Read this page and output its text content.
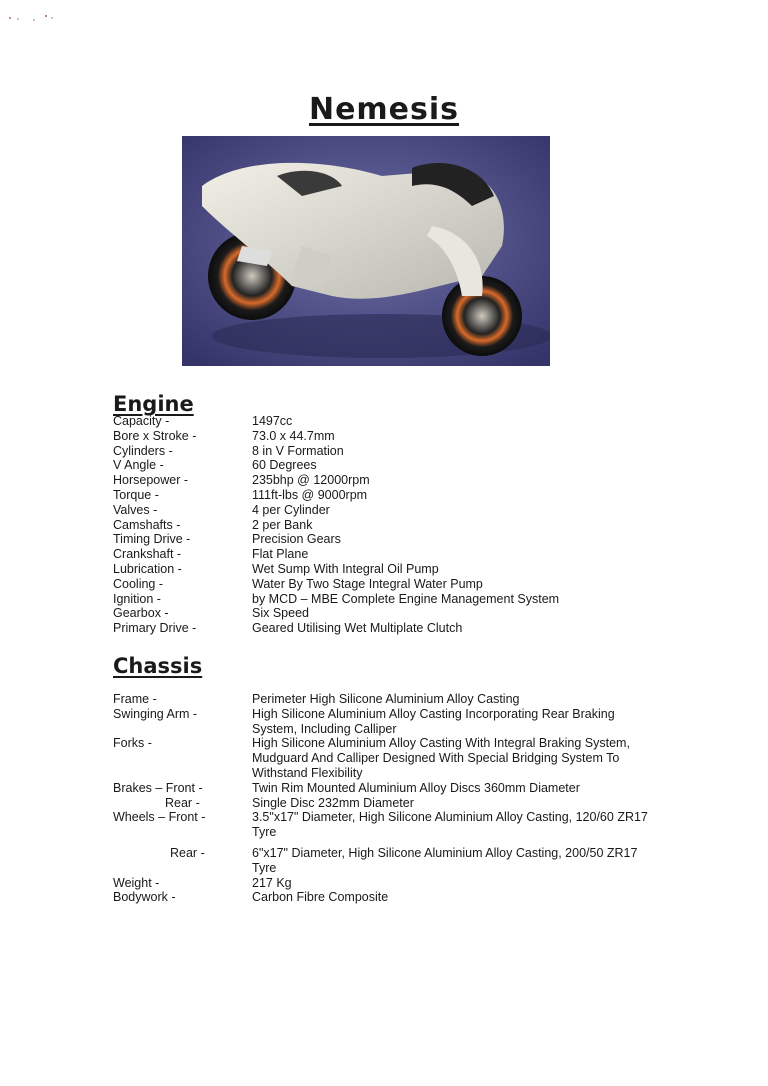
Nemesis
Engine
Capacity -	1497cc
Bore x Stroke -	73.0 x 44.7mm
Cylinders -	8 in V Formation
V Angle -	60 Degrees
Horsepower -	235bhp @ 12000rpm
Torque -	111ft-lbs @ 9000rpm
Valves -	4 per Cylinder
Camshafts -	2 per Bank
Timing Drive -	Precision Gears
Crankshaft -	Flat Plane
Lubrication -	Wet Sump With Integral Oil Pump
Cooling -	Water By Two Stage Integral Water Pump
Ignition -	by MCD – MBE Complete Engine Management System
Gearbox -	Six Speed
Primary Drive -	Geared Utilising Wet Multiplate Clutch
Chassis
Frame -	Perimeter High Silicone Aluminium Alloy Casting
Swinging Arm -	High Silicone Aluminium Alloy Casting Incorporating Rear Braking System, Including Calliper
Forks -	High Silicone Aluminium Alloy Casting With Integral Braking System, Mudguard And Calliper Designed With Special Bridging System To Withstand Flexibility
Brakes – Front -	Twin Rim Mounted Aluminium Alloy Discs 360mm Diameter
Rear -	Single Disc 232mm Diameter
Wheels – Front -	3.5"x17" Diameter, High Silicone Aluminium Alloy Casting, 120/60 ZR17 Tyre
Rear -	6"x17" Diameter, High Silicone Aluminium Alloy Casting, 200/50 ZR17 Tyre
Weight -	217 Kg
Bodywork -	Carbon Fibre Composite
